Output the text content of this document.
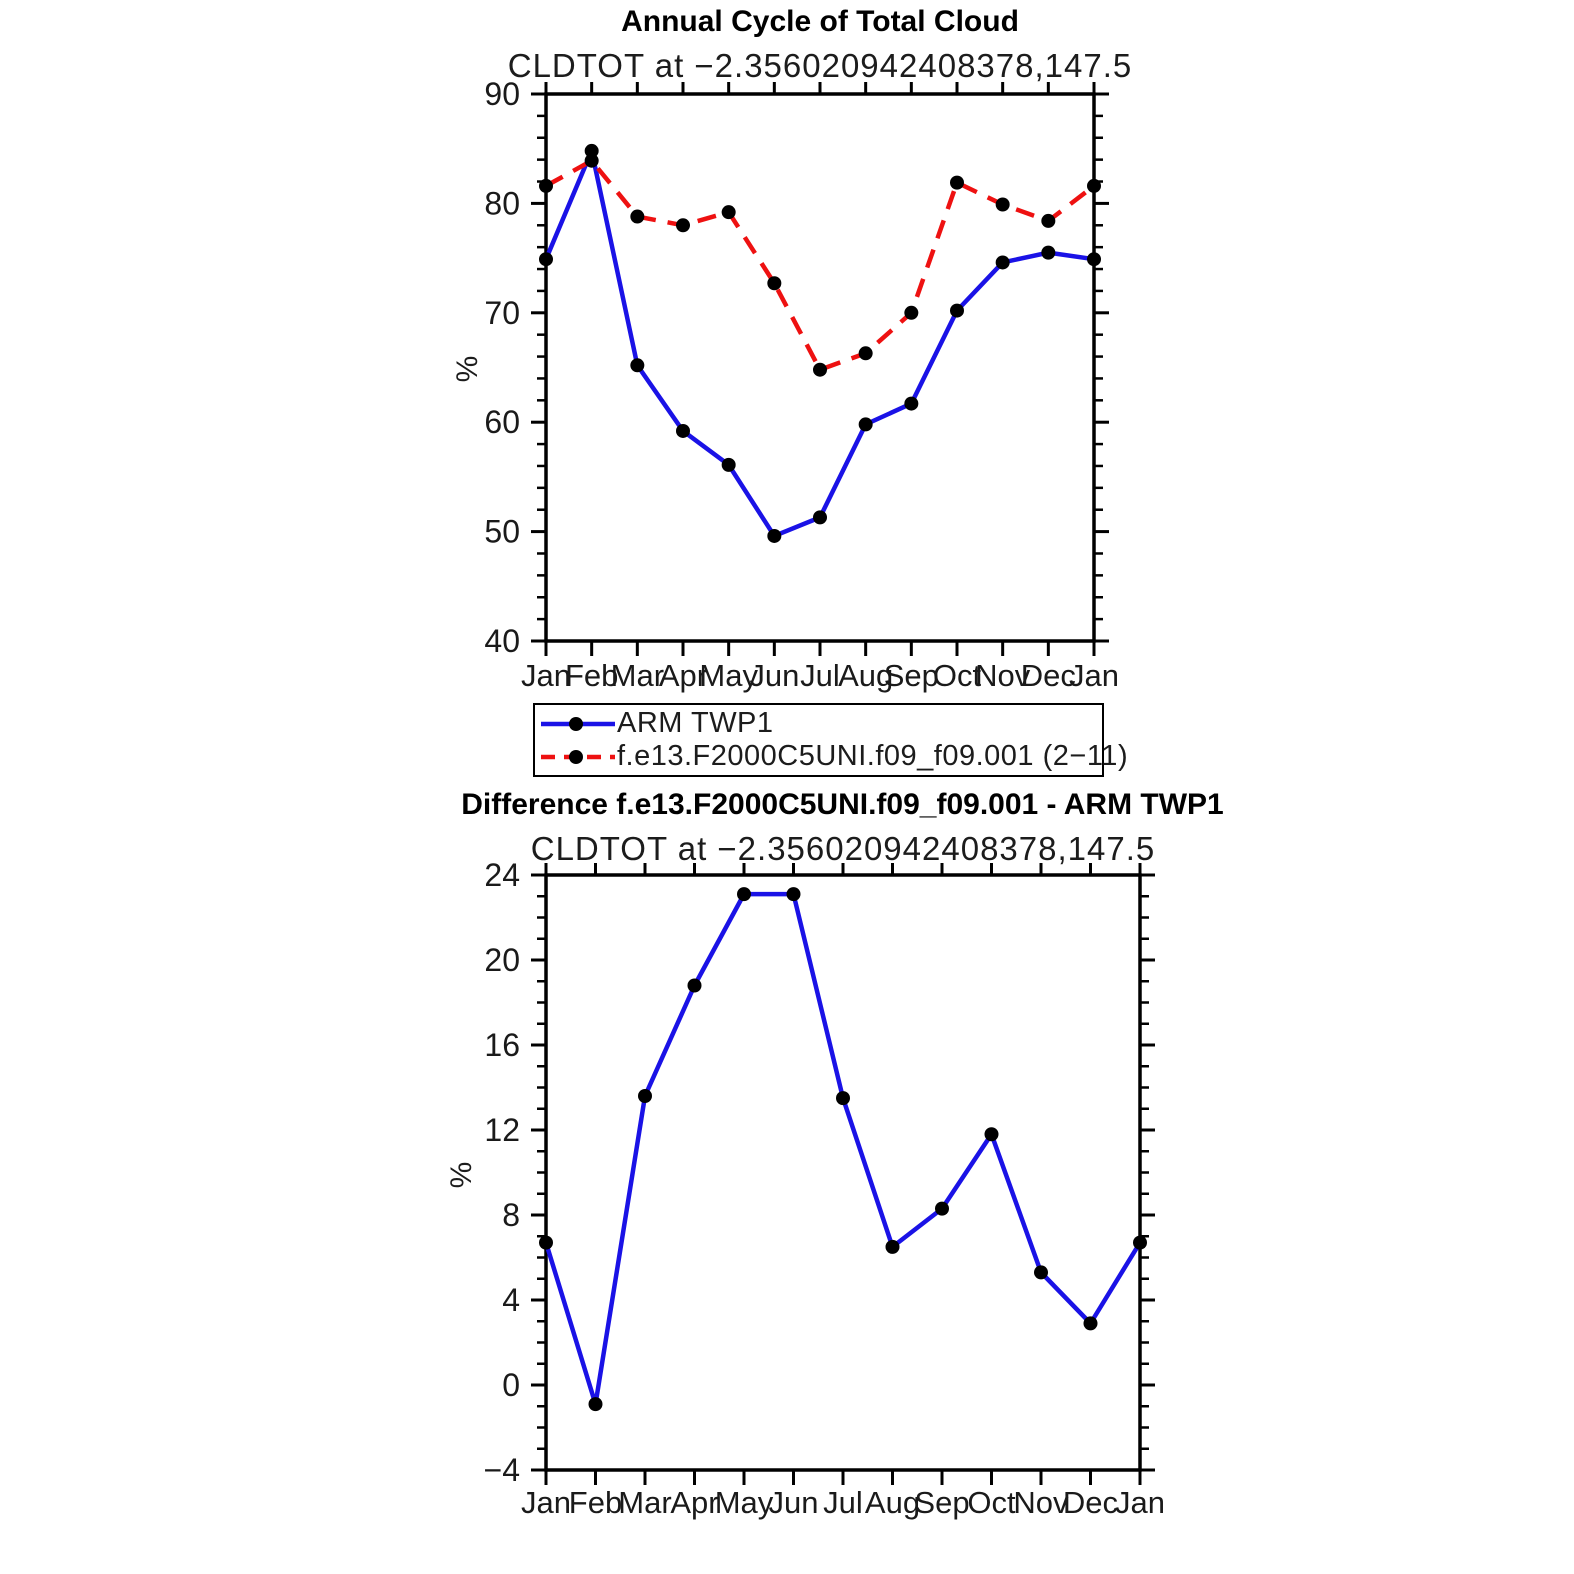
Jan
Feb
Mar
Apr
May
Jun Jul
Aug
Sep
Oct
Nov
Dec
Jan
40
50
60
70
80
90
Jan
Feb
Mar
Apr
May
Jun Jul Aug
Sep
Oct
Nov
Dec
Jan
−4
0
4
8
12
16
20
24
Annual Cycle of Total Cloud
CLDTOT at −2.356020942408378,147.5
%
ARM TWP1
f.e13.F2000C5UNI.f09_f09.001 (2−11)
Difference f.e13.F2000C5UNI.f09_f09.001 - ARM TWP1
CLDTOT at −2.356020942408378,147.5
%
